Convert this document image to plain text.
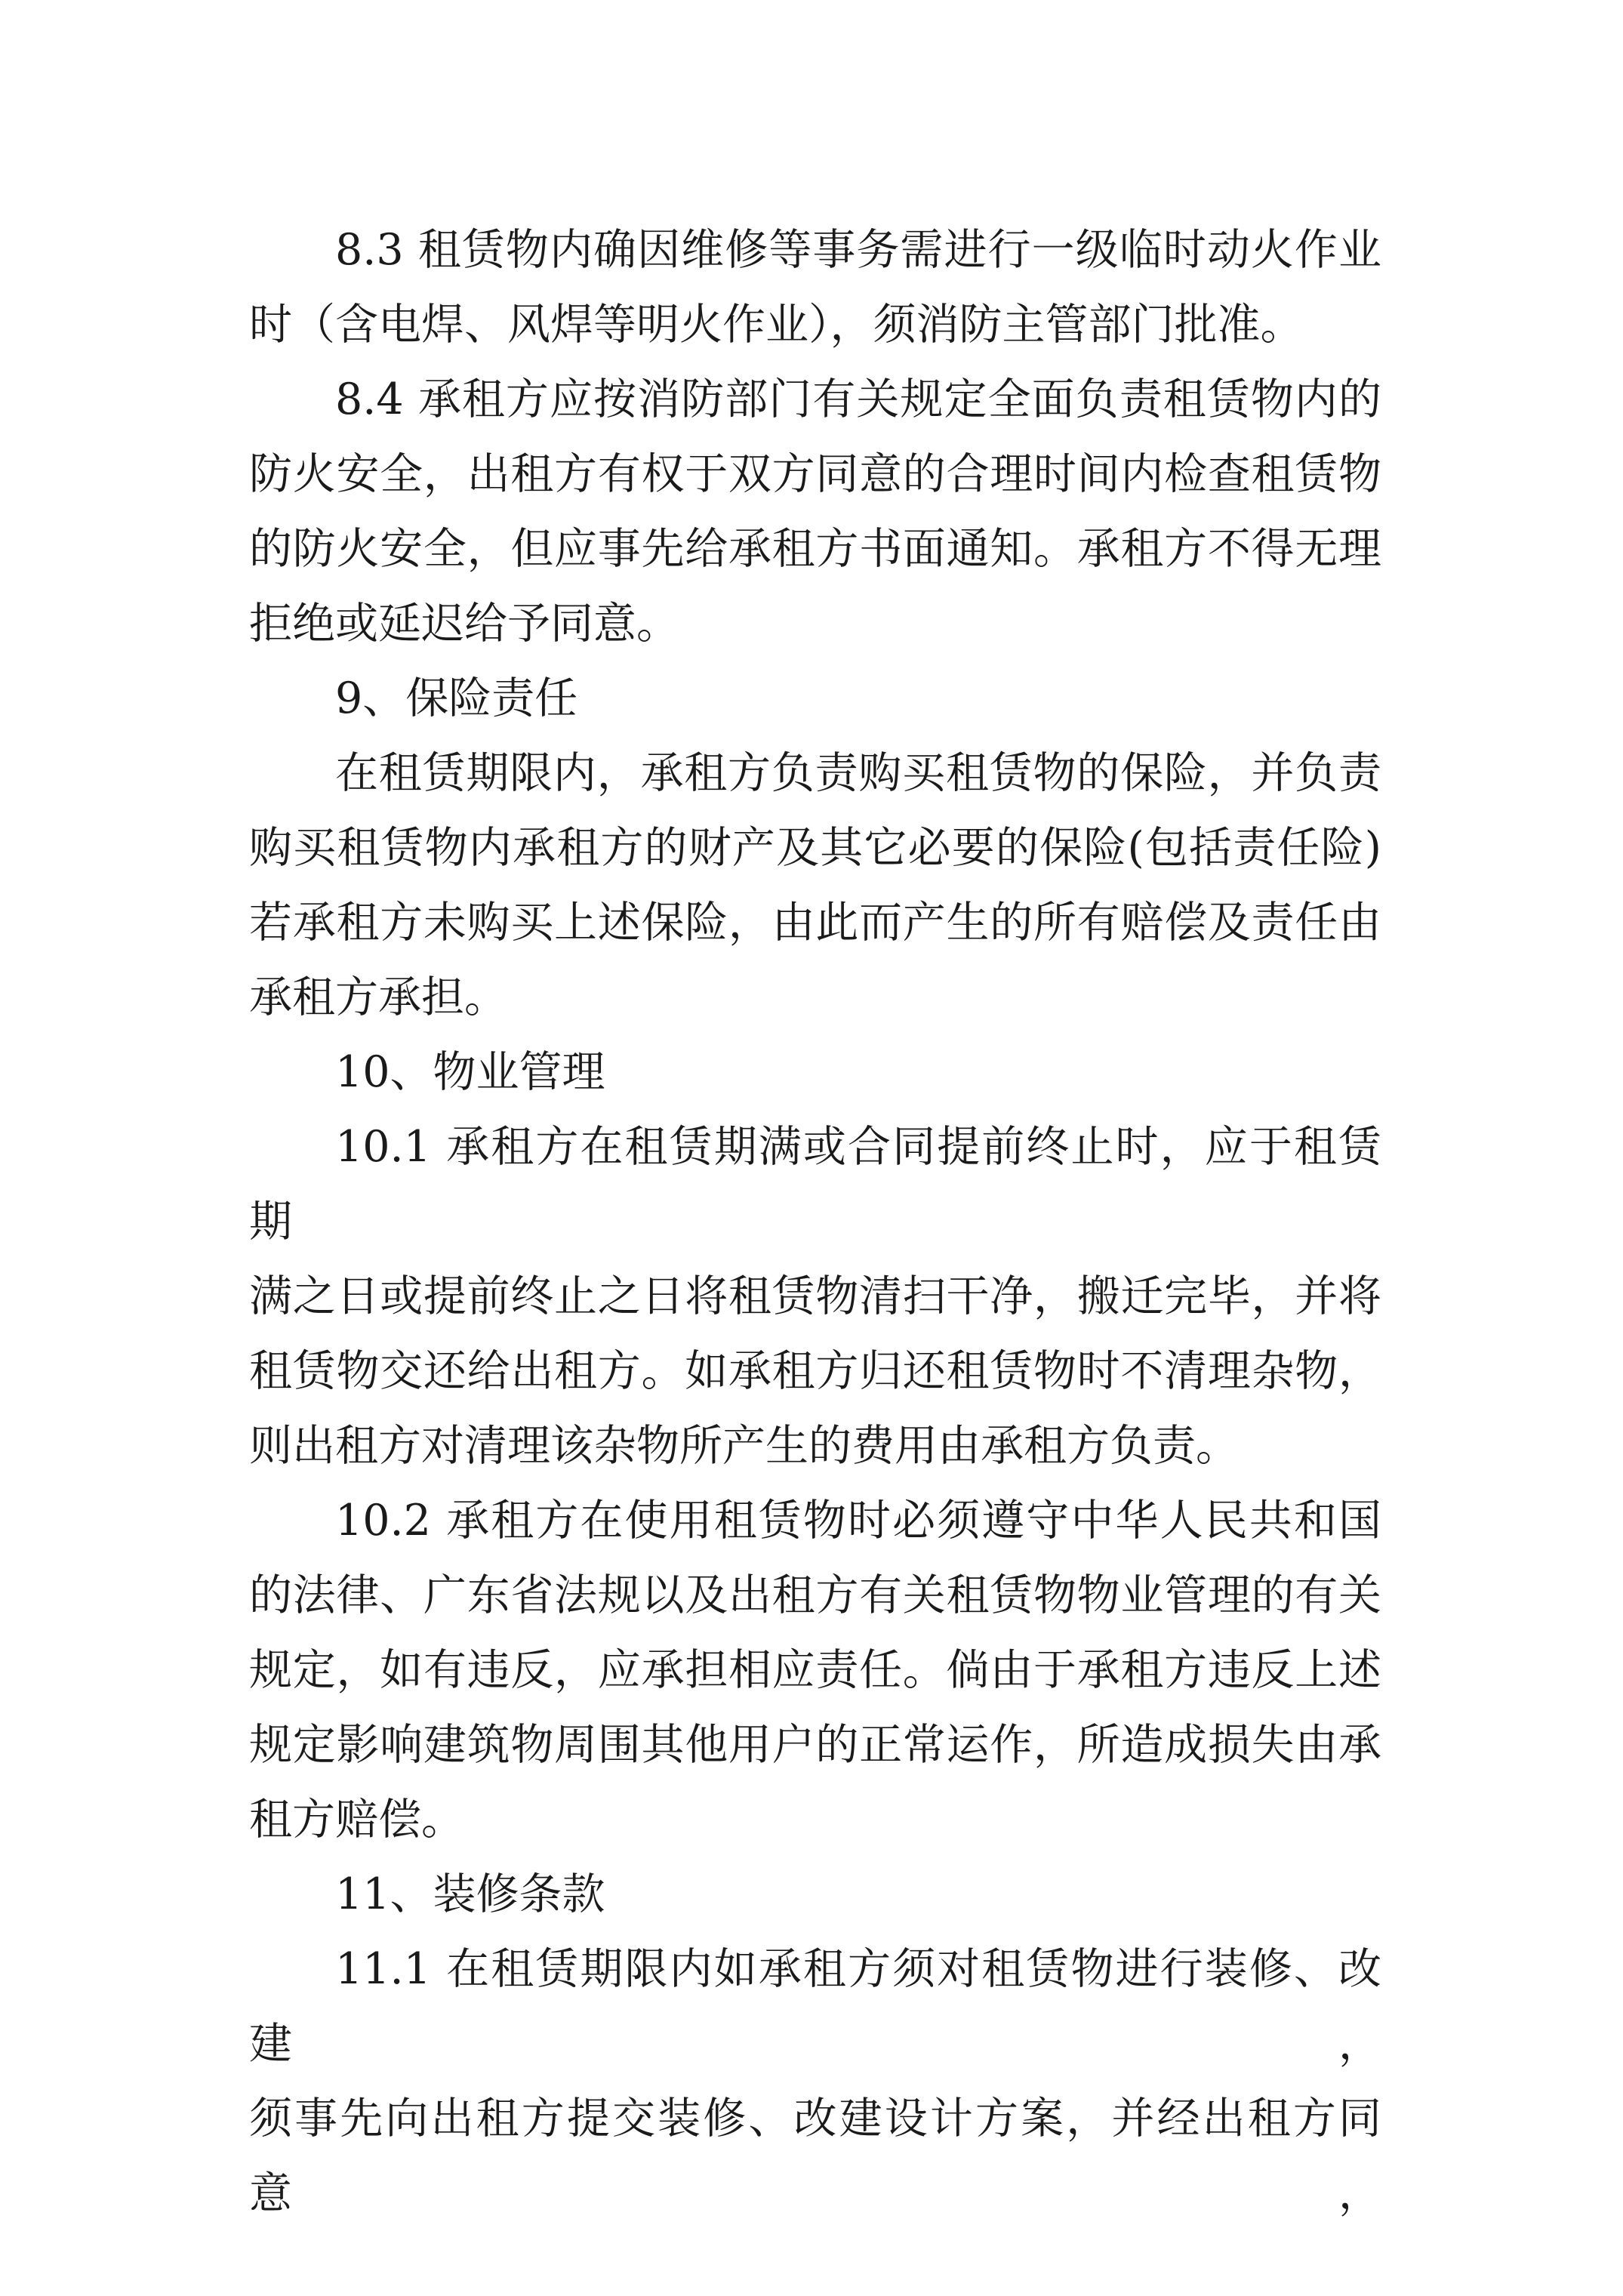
8.3 租赁物内确因维修等事务需进行一级临时动火作业
时（含电焊、风焊等明火作业），须消防主管部门批准。
8.4 承租方应按消防部门有关规定全面负责租赁物内的
防火安全，出租方有权于双方同意的合理时间内检查租赁物
的防火安全，但应事先给承租方书面通知。承租方不得无理
拒绝或延迟给予同意。
9、保险责任
在租赁期限内，承租方负责购买租赁物的保险，并负责
购买租赁物内承租方的财产及其它必要的保险(包括责任险)
若承租方未购买上述保险，由此而产生的所有赔偿及责任由
承租方承担。
10、物业管理
10.1 承租方在租赁期满或合同提前终止时，应于租赁期
满之日或提前终止之日将租赁物清扫干净，搬迁完毕，并将
租赁物交还给出租方。如承租方归还租赁物时不清理杂物，
则出租方对清理该杂物所产生的费用由承租方负责。
10.2 承租方在使用租赁物时必须遵守中华人民共和国
的法律、广东省法规以及出租方有关租赁物物业管理的有关
规定，如有违反，应承担相应责任。倘由于承租方违反上述
规定影响建筑物周围其他用户的正常运作，所造成损失由承
租方赔偿。
11、装修条款
11.1 在租赁期限内如承租方须对租赁物进行装修、改建，
须事先向出租方提交装修、改建设计方案，并经出租方同意，
